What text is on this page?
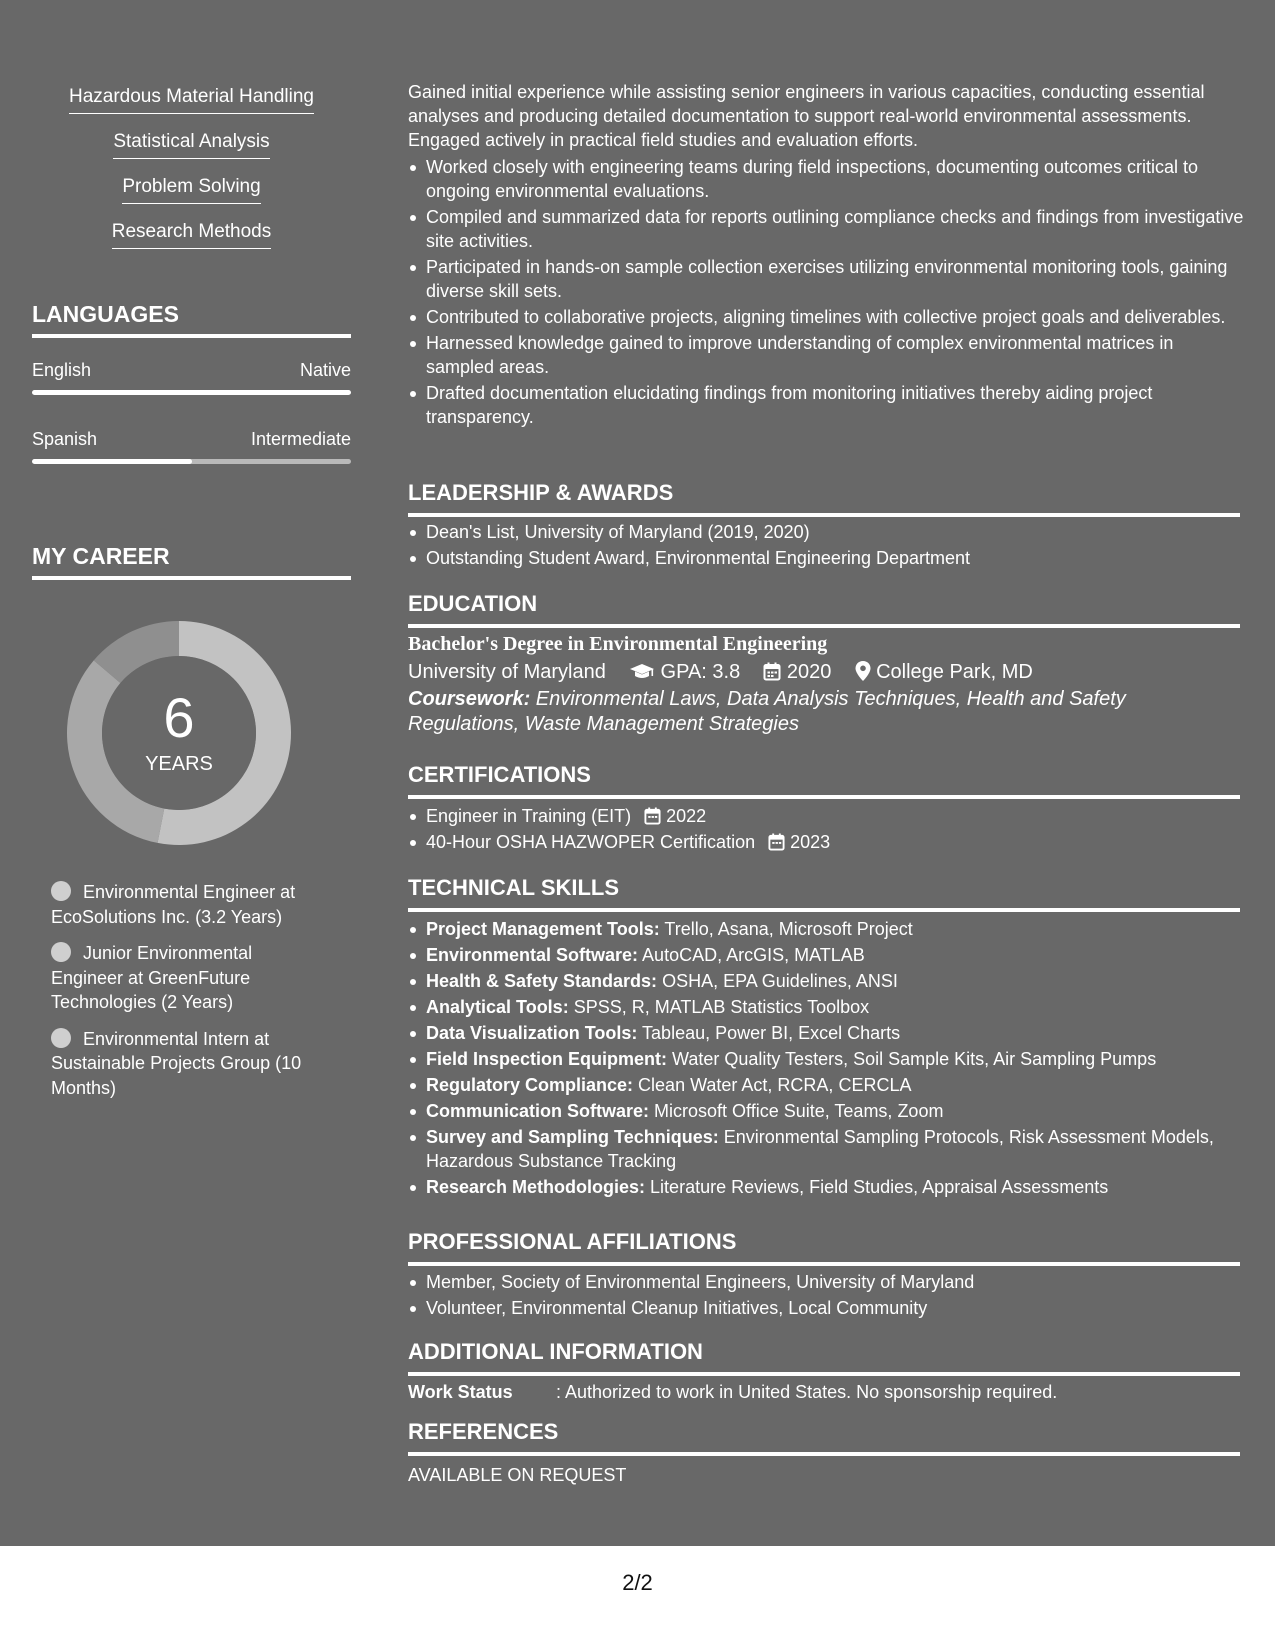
Hazardous Material Handling
Statistical Analysis
Problem Solving
Research Methods
LANGUAGES
English	Native
Spanish	Intermediate
MY CAREER
6
YEARS
Environmental Engineer at EcoSolutions Inc. (3.2 Years)
Junior Environmental Engineer at GreenFuture Technologies (2 Years)
Environmental Intern at Sustainable Projects Group (10 Months)
Gained initial experience while assisting senior engineers in various capacities, conducting essential analyses and producing detailed documentation to support real-world environmental assessments. Engaged actively in practical field studies and evaluation efforts.
Worked closely with engineering teams during field inspections, documenting outcomes critical to ongoing environmental evaluations.
Compiled and summarized data for reports outlining compliance checks and findings from investigative site activities.
Participated in hands-on sample collection exercises utilizing environmental monitoring tools, gaining diverse skill sets.
Contributed to collaborative projects, aligning timelines with collective project goals and deliverables.
Harnessed knowledge gained to improve understanding of complex environmental matrices in sampled areas.
Drafted documentation elucidating findings from monitoring initiatives thereby aiding project transparency.
LEADERSHIP & AWARDS
Dean's List, University of Maryland (2019, 2020)
Outstanding Student Award, Environmental Engineering Department
EDUCATION
Bachelor's Degree in Environmental Engineering
University of Maryland	GPA: 3.8 2020 College Park, MD
Coursework: Environmental Laws, Data Analysis Techniques, Health and Safety Regulations, Waste Management Strategies
CERTIFICATIONS
Engineer in Training (EIT) 2022
40-Hour OSHA HAZWOPER Certification 2023
TECHNICAL SKILLS
Project Management Tools: Trello, Asana, Microsoft Project
Environmental Software: AutoCAD, ArcGIS, MATLAB
Health & Safety Standards: OSHA, EPA Guidelines, ANSI
Analytical Tools: SPSS, R, MATLAB Statistics Toolbox
Data Visualization Tools: Tableau, Power BI, Excel Charts
Field Inspection Equipment: Water Quality Testers, Soil Sample Kits, Air Sampling Pumps
Regulatory Compliance: Clean Water Act, RCRA, CERCLA
Communication Software: Microsoft Office Suite, Teams, Zoom
Survey and Sampling Techniques: Environmental Sampling Protocols, Risk Assessment Models, Hazardous Substance Tracking
Research Methodologies: Literature Reviews, Field Studies, Appraisal Assessments
PROFESSIONAL AFFILIATIONS
Member, Society of Environmental Engineers, University of Maryland
Volunteer, Environmental Cleanup Initiatives, Local Community
ADDITIONAL INFORMATION
Work Status : Authorized to work in United States. No sponsorship required.
REFERENCES
AVAILABLE ON REQUEST
2/2
